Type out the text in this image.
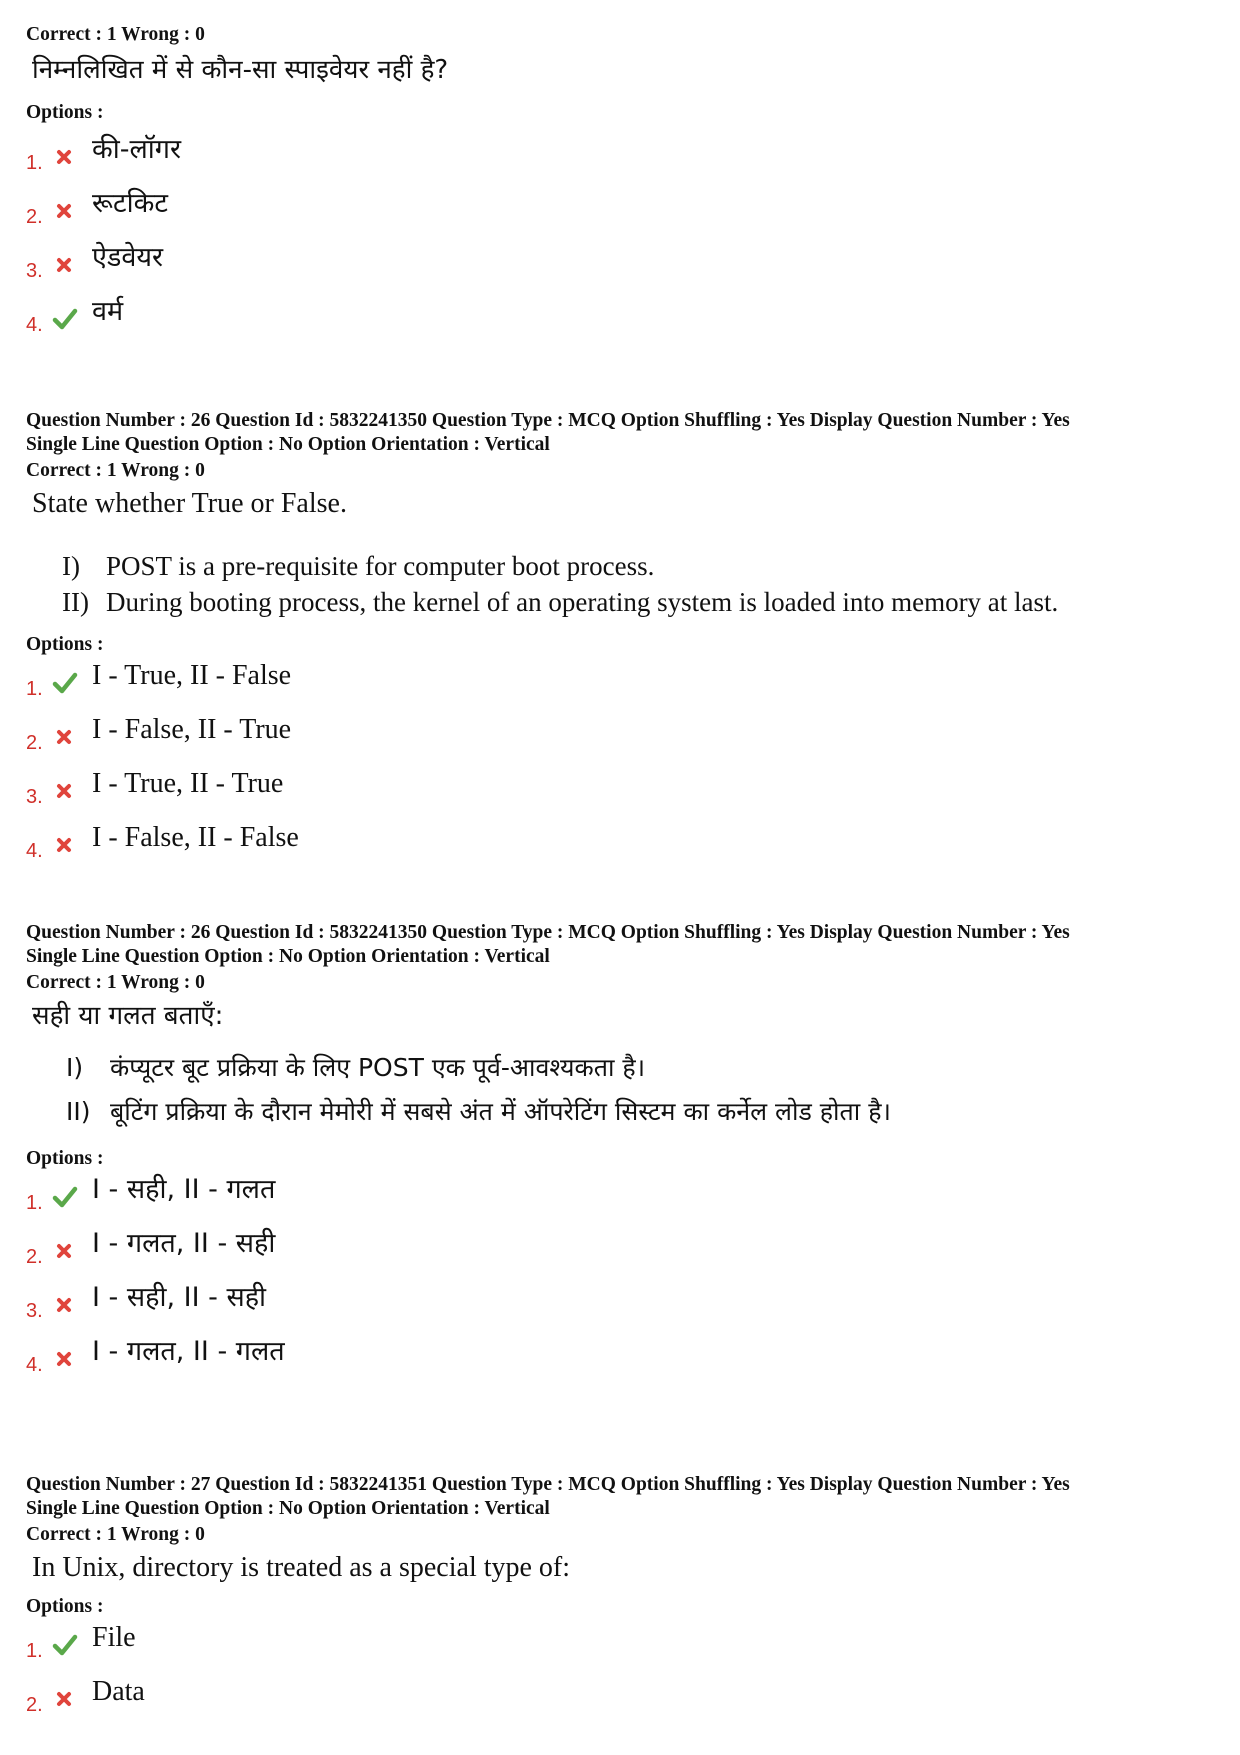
Correct : 1 Wrong : 0
निम्नलिखित में से कौन-सा स्पाइवेयर नहीं है?
Options :
1. की-लॉगर
2. रूटकिट
3. ऐडवेयर
4. वर्म
Question Number : 26 Question Id : 5832241350 Question Type : MCQ Option Shuffling : Yes Display Question Number : Yes
Single Line Question Option : No Option Orientation : Vertical
Correct : 1 Wrong : 0
State whether True or False.
I) POST is a pre-requisite for computer boot process.
II) During booting process, the kernel of an operating system is loaded into memory at last.
Options :
1. I - True, II - False
2. I - False, II - True
3. I - True, II - True
4. I - False, II - False
Question Number : 26 Question Id : 5832241350 Question Type : MCQ Option Shuffling : Yes Display Question Number : Yes
Single Line Question Option : No Option Orientation : Vertical
Correct : 1 Wrong : 0
सही या गलत बताएँ:
I) कंप्यूटर बूट प्रक्रिया के लिए POST एक पूर्व-आवश्यकता है।
II) बूटिंग प्रक्रिया के दौरान मेमोरी में सबसे अंत में ऑपरेटिंग सिस्टम का कर्नेल लोड होता है।
Options :
1. I - सही, II - गलत
2. I - गलत, II - सही
3. I - सही, II - सही
4. I - गलत, II - गलत
Question Number : 27 Question Id : 5832241351 Question Type : MCQ Option Shuffling : Yes Display Question Number : Yes
Single Line Question Option : No Option Orientation : Vertical
Correct : 1 Wrong : 0
In Unix, directory is treated as a special type of:
Options :
1. File
2. Data
